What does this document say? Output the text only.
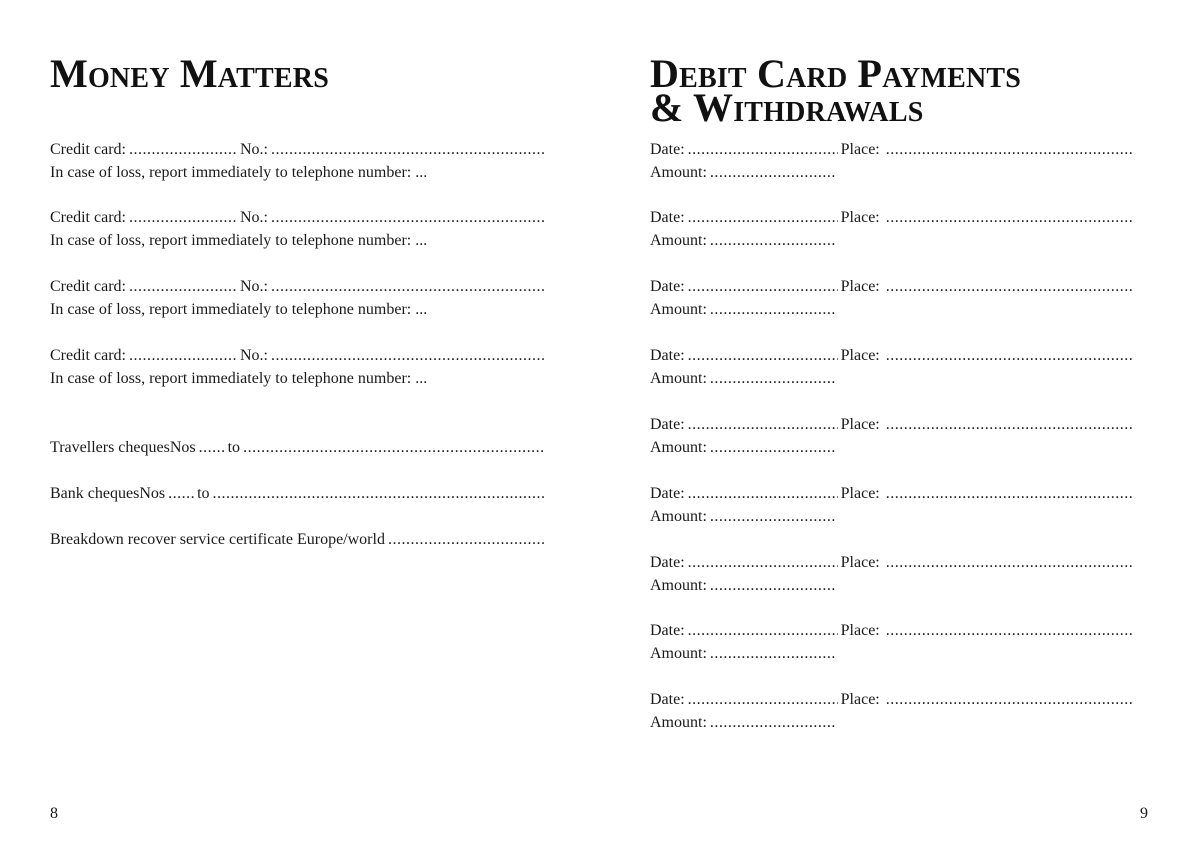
Money Matters
Credit card: .....	No.:
.....
In case of loss, report immediately to telephone number: ...
Credit card: .....	No.:
.....
In case of loss, report immediately to telephone number: ...
Credit card: .....	No.:
.....
In case of loss, report immediately to telephone number: ...
Credit card: .....	No.:
.....
In case of loss, report immediately to telephone number: ...
Travellers cheques Nos ..... to
.....
Bank cheques Nos ..... to
.....
Breakdown recover service certificate Europe/world
.....
8
Debit Card Payments
& Withdrawals
Date: .....	Place:
.....
Amount:
.....
Date: .....	Place:
.....
Amount:
.....
Date: .....	Place:
.....
Amount:
.....
Date: .....	Place:
.....
Amount:
.....
Date: .....	Place:
.....
Amount:
.....
Date: .....	Place:
.....
Amount:
.....
Date: .....	Place:
.....
Amount:
.....
Date: .....	Place:
.....
Amount:
.....
Date: .....	Place:
.....
Amount:
.....
9
